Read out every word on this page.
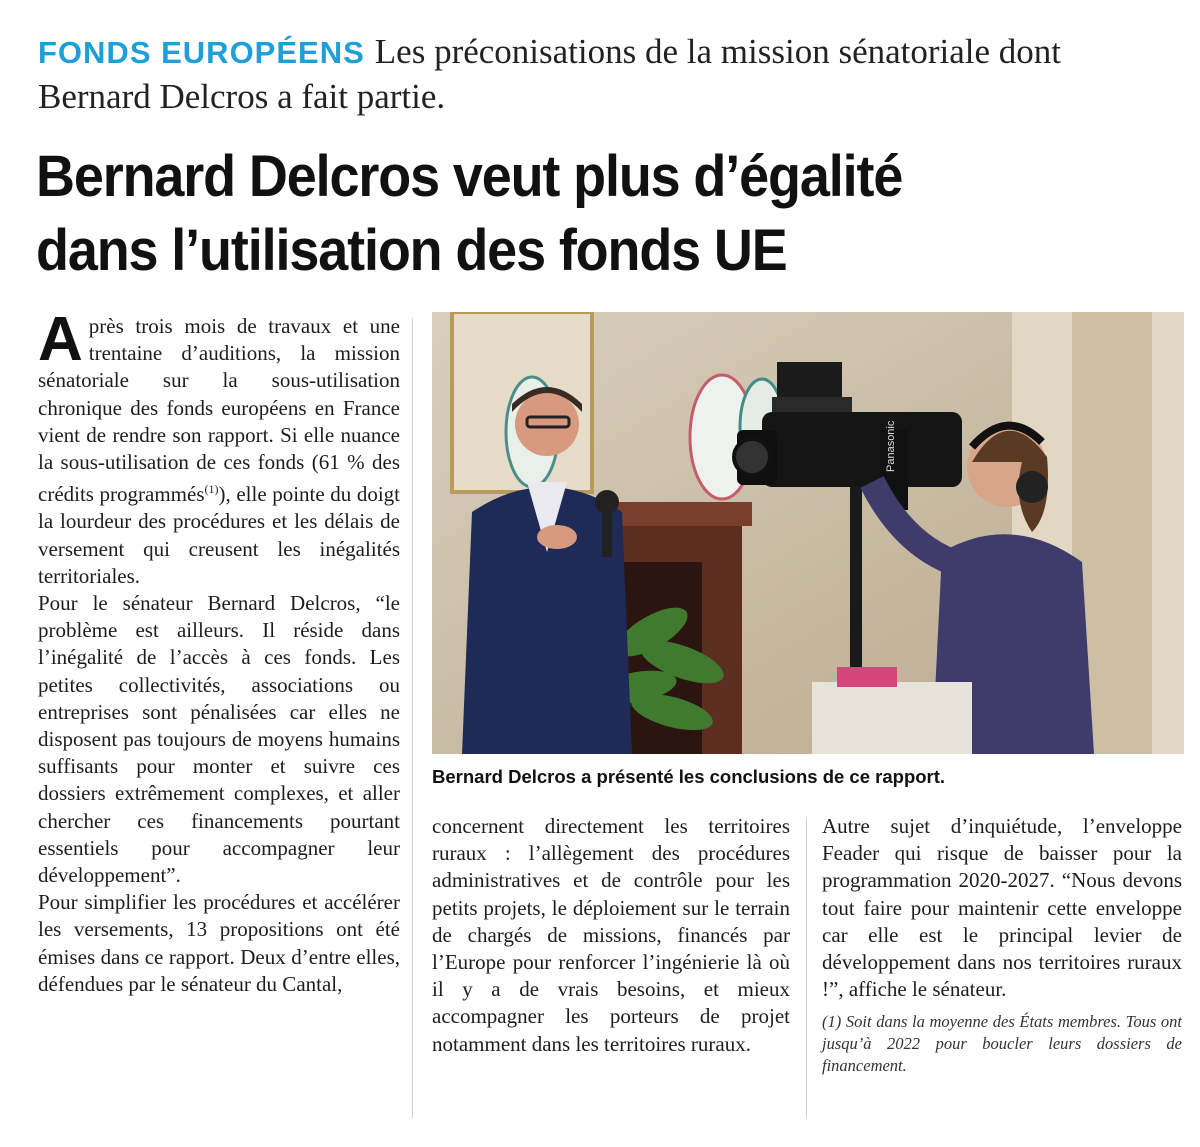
FONDS EUROPÉENS Les préconisations de la mission sénatoriale dont Bernard Delcros a fait partie.
Bernard Delcros veut plus d’égalité
dans l’utilisation des fonds UE

Après trois mois de travaux et une trentaine d’auditions, la mission sénatoriale sur la sous-utilisation chronique des fonds européens en France vient de rendre son rapport. Si elle nuance la sous-utilisation de ces fonds (61 % des crédits programmés$^{(1)}$), elle pointe du doigt la lourdeur des procédures et les délais de versement qui creusent les inégalités territoriales.

Pour le sénateur Bernard Delcros, “le problème est ailleurs. Il réside dans l’inégalité de l’accès à ces fonds. Les petites collectivités, associations ou entreprises sont pénalisées car elles ne disposent pas toujours de moyens humains suffisants pour monter et suivre ces dossiers extrêmement complexes, et aller chercher ces financements pourtant essentiels pour accompagner leur développement”.

Pour simplifier les procédures et accélérer les versements, 13 propositions ont été émises dans ce rapport. Deux d’entre elles, défendues par le sénateur du Cantal,

Panasonic
Bernard Delcros a présenté les conclusions de ce rapport.

concernent directement les territoires ruraux : l’allègement des procédures administratives et de contrôle pour les petits projets, le déploiement sur le terrain de chargés de missions, financés par l’Europe pour renforcer l’ingénierie là où il y a de vrais besoins, et mieux accompagner les porteurs de projet notamment dans les territoires ruraux.

Autre sujet d’inquiétude, l’enveloppe Feader qui risque de baisser pour la programmation 2020-2027. “Nous devons tout faire pour maintenir cette enveloppe car elle est le principal levier de développement dans nos territoires ruraux !”, affiche le sénateur.

(1) Soit dans la moyenne des États membres. Tous ont jusqu’à 2022 pour boucler leurs dossiers de financement.
